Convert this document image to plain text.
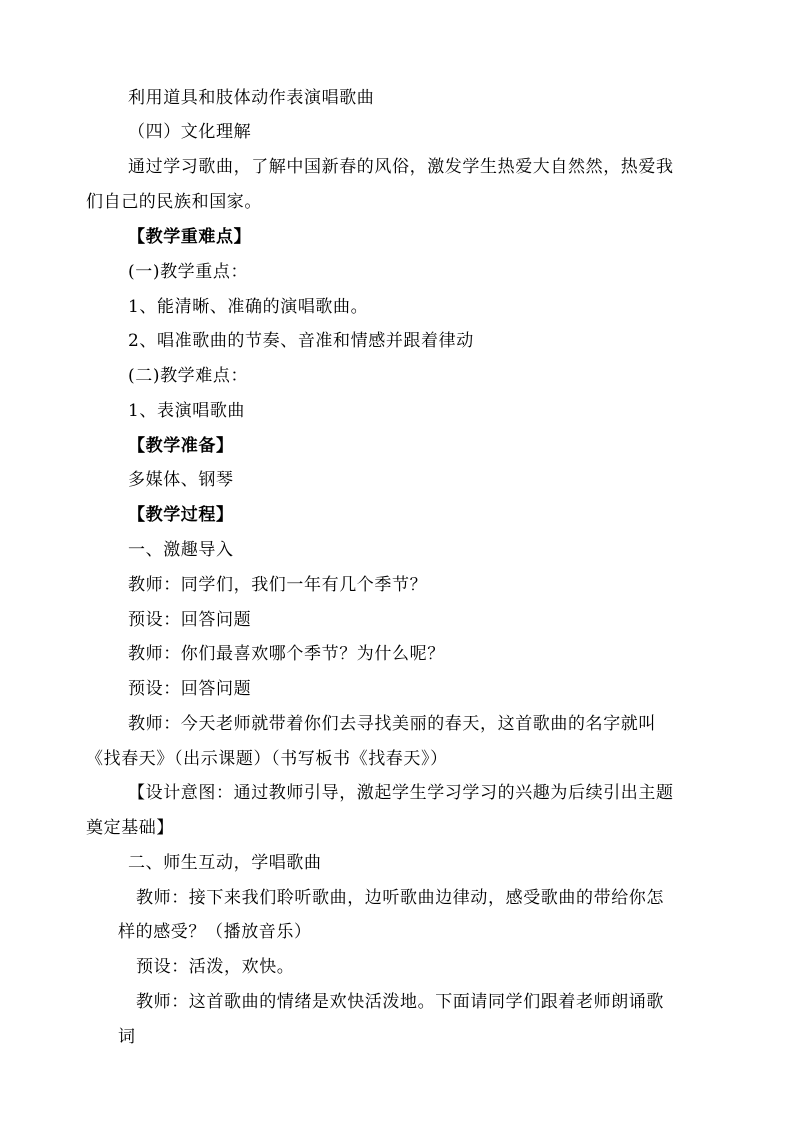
利用道具和肢体动作表演唱歌曲
（四）文化理解
通过学习歌曲，了解中国新春的风俗，激发学生热爱大自然然，热爱我
们自己的民族和国家。
【教学重难点】
(一)教学重点：
1、能清晰、准确的演唱歌曲。
2、唱准歌曲的节奏、音准和情感并跟着律动
(二)教学难点：
1、表演唱歌曲
【教学准备】
多媒体、钢琴
【教学过程】
一、激趣导入
教师：同学们，我们一年有几个季节？
预设：回答问题
教师：你们最喜欢哪个季节？为什么呢？
预设：回答问题
教师：今天老师就带着你们去寻找美丽的春天，这首歌曲的名字就叫
《找春天》（出示课题）（书写板书《找春天》）
【设计意图：通过教师引导，激起学生学习学习的兴趣为后续引出主题
奠定基础】
二、师生互动，学唱歌曲
教师：接下来我们聆听歌曲，边听歌曲边律动，感受歌曲的带给你怎
样的感受？（播放音乐）
预设：活泼，欢快。
教师：这首歌曲的情绪是欢快活泼地。下面请同学们跟着老师朗诵歌
词
